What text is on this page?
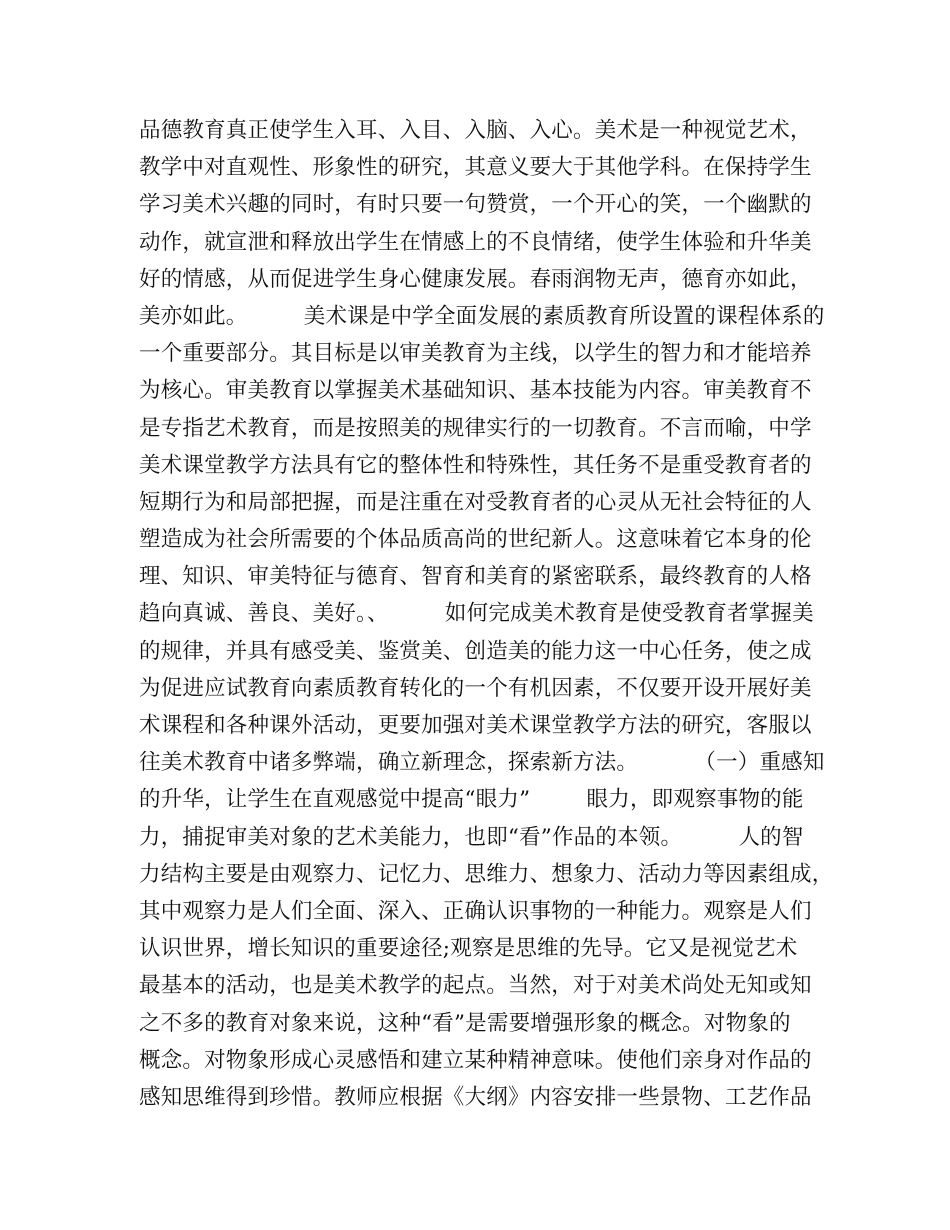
品德教育真正使学生入耳、入目、入脑、入心。美术是一种视觉艺术，
教学中对直观性、形象性的研究，其意义要大于其他学科。在保持学生
学习美术兴趣的同时，有时只要一句赞赏，一个开心的笑，一个幽默的
动作，就宣泄和释放出学生在情感上的不良情绪，使学生体验和升华美
好的情感，从而促进学生身心健康发展。春雨润物无声，德育亦如此，
美亦如此。        美术课是中学全面发展的素质教育所设置的课程体系的
一个重要部分。其目标是以审美教育为主线，以学生的智力和才能培养
为核心。审美教育以掌握美术基础知识、基本技能为内容。审美教育不
是专指艺术教育，而是按照美的规律实行的一切教育。不言而喻，中学
美术课堂教学方法具有它的整体性和特殊性，其任务不是重受教育者的
短期行为和局部把握，而是注重在对受教育者的心灵从无社会特征的人
塑造成为社会所需要的个体品质高尚的世纪新人。这意味着它本身的伦
理、知识、审美特征与德育、智育和美育的紧密联系，最终教育的人格
趋向真诚、善良、美好。、        如何完成美术教育是使受教育者掌握美
的规律，并具有感受美、鉴赏美、创造美的能力这一中心任务，使之成
为促进应试教育向素质教育转化的一个有机因素，不仅要开设开展好美
术课程和各种课外活动，更要加强对美术课堂教学方法的研究，客服以
往美术教育中诸多弊端，确立新理念，探索新方法。        （一）重感知
的升华，让学生在直观感觉中提高“眼力”        眼力，即观察事物的能
力，捕捉审美对象的艺术美能力，也即“看”作品的本领。        人的智
力结构主要是由观察力、记忆力、思维力、想象力、活动力等因素组成，
其中观察力是人们全面、深入、正确认识事物的一种能力。观察是人们
认识世界，增长知识的重要途径;观察是思维的先导。它又是视觉艺术
最基本的活动，也是美术教学的起点。当然，对于对美术尚处无知或知
之不多的教育对象来说，这种“看”是需要增强形象的概念。对物象的
概念。对物象形成心灵感悟和建立某种精神意味。使他们亲身对作品的
感知思维得到珍惜。教师应根据《大纲》内容安排一些景物、工艺作品
